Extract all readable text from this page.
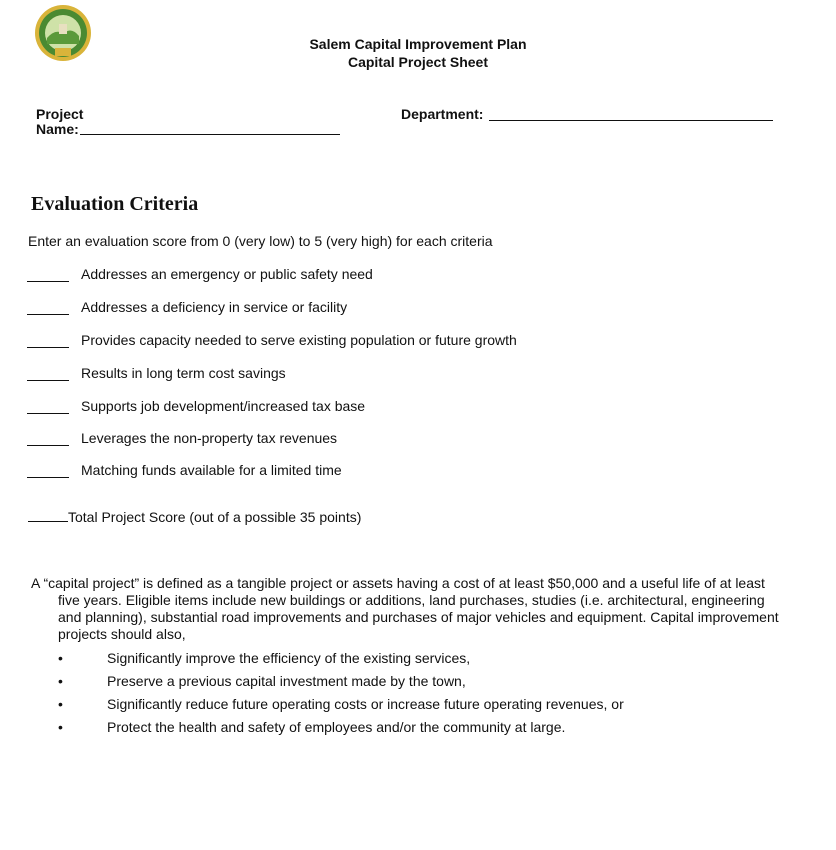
Salem Capital Improvement Plan
Capital Project Sheet
Project
Name:
Department:
Evaluation Criteria
Enter an evaluation score from 0 (very low) to 5 (very high) for each criteria
Addresses an emergency or public safety need
Addresses a deficiency in service or facility
Provides capacity needed to serve existing population or future growth
Results in long term cost savings
Supports job development/increased tax base
Leverages the non-property tax revenues
Matching funds available for a limited time
Total Project Score (out of a possible 35 points)
A “capital project” is defined as a tangible project or assets having a cost of at least $50,000 and a useful life of at least five years. Eligible items include new buildings or additions, land purchases, studies (i.e. architectural, engineering and planning), substantial road improvements and purchases of major vehicles and equipment. Capital improvement projects should also,
•	Significantly improve the efficiency of the existing services,
•	Preserve a previous capital investment made by the town,
•	Significantly reduce future operating costs or increase future operating revenues, or
•	Protect the health and safety of employees and/or the community at large.
